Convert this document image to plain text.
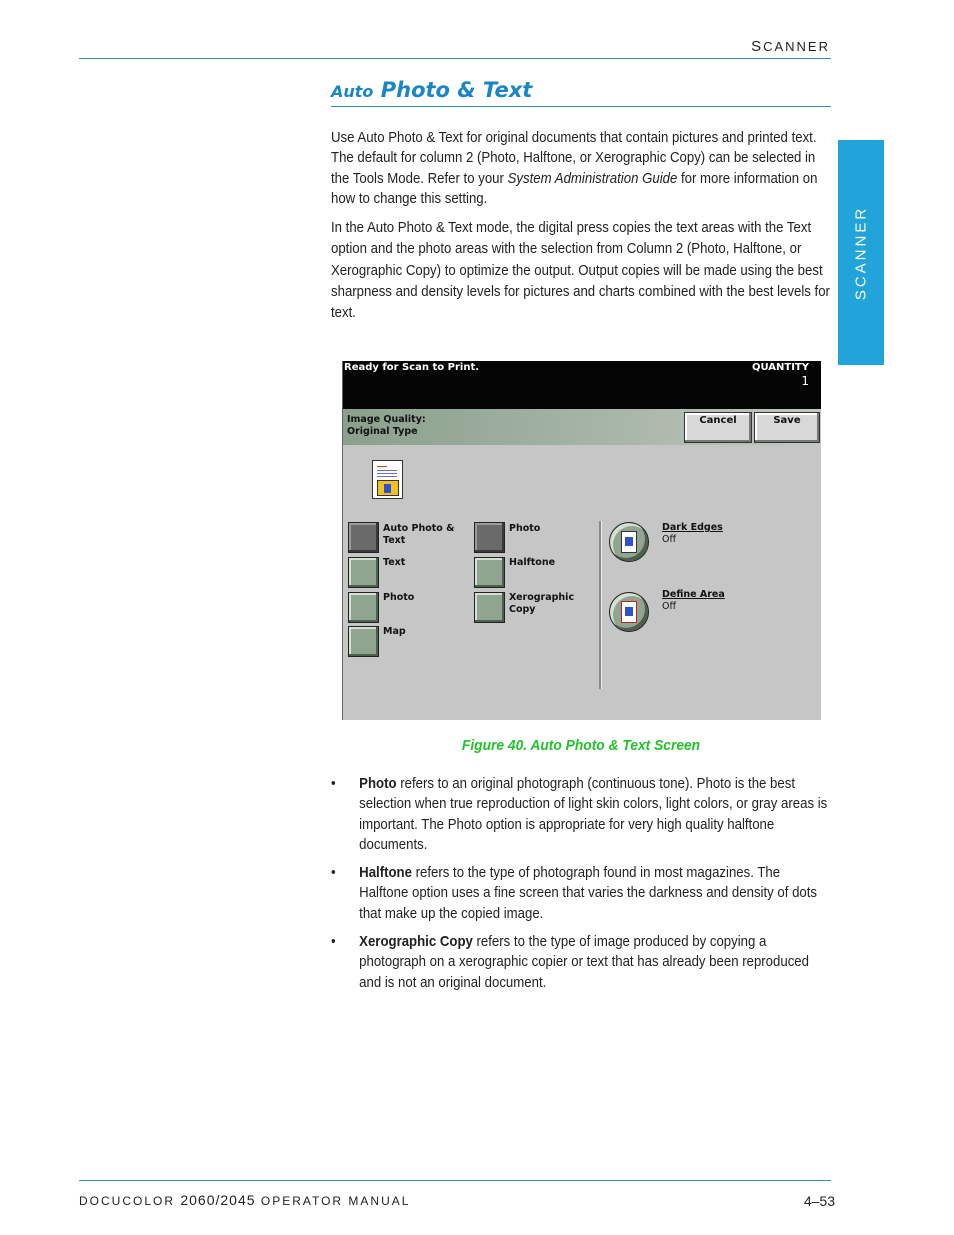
SCANNER
Auto Photo & Text
SCANNER
Use Auto Photo & Text for original documents that contain pictures and printed text. The default for column 2 (Photo, Halftone, or Xerographic Copy) can be selected in the Tools Mode. Refer to your System Administration Guide for more information on how to change this setting.
In the Auto Photo & Text mode, the digital press copies the text areas with the Text option and the photo areas with the selection from Column 2 (Photo, Halftone, or Xerographic Copy) to optimize the output. Output copies will be made using the best sharpness and density levels for pictures and charts combined with the best levels for text.
Ready for Scan to Print.	QUANTITY
1
Image Quality:
Original Type
Cancel	Save
Auto Photo &
Text
Text
Photo
Map
Photo
Halftone
Xerographic
Copy
Dark Edges
Off
Define Area
Off
Figure 40. Auto Photo & Text Screen
• Photo refers to an original photograph (continuous tone). Photo is the best selection when true reproduction of light skin colors, light colors, or gray areas is important. The Photo option is appropriate for very high quality halftone documents.
• Halftone refers to the type of photograph found in most magazines. The Halftone option uses a fine screen that varies the darkness and density of dots that make up the copied image.
• Xerographic Copy refers to the type of image produced by copying a photograph on a xerographic copier or text that has already been reproduced and is not an original document.
DOCUCOLOR 2060/2045 OPERATOR MANUAL	4–53
